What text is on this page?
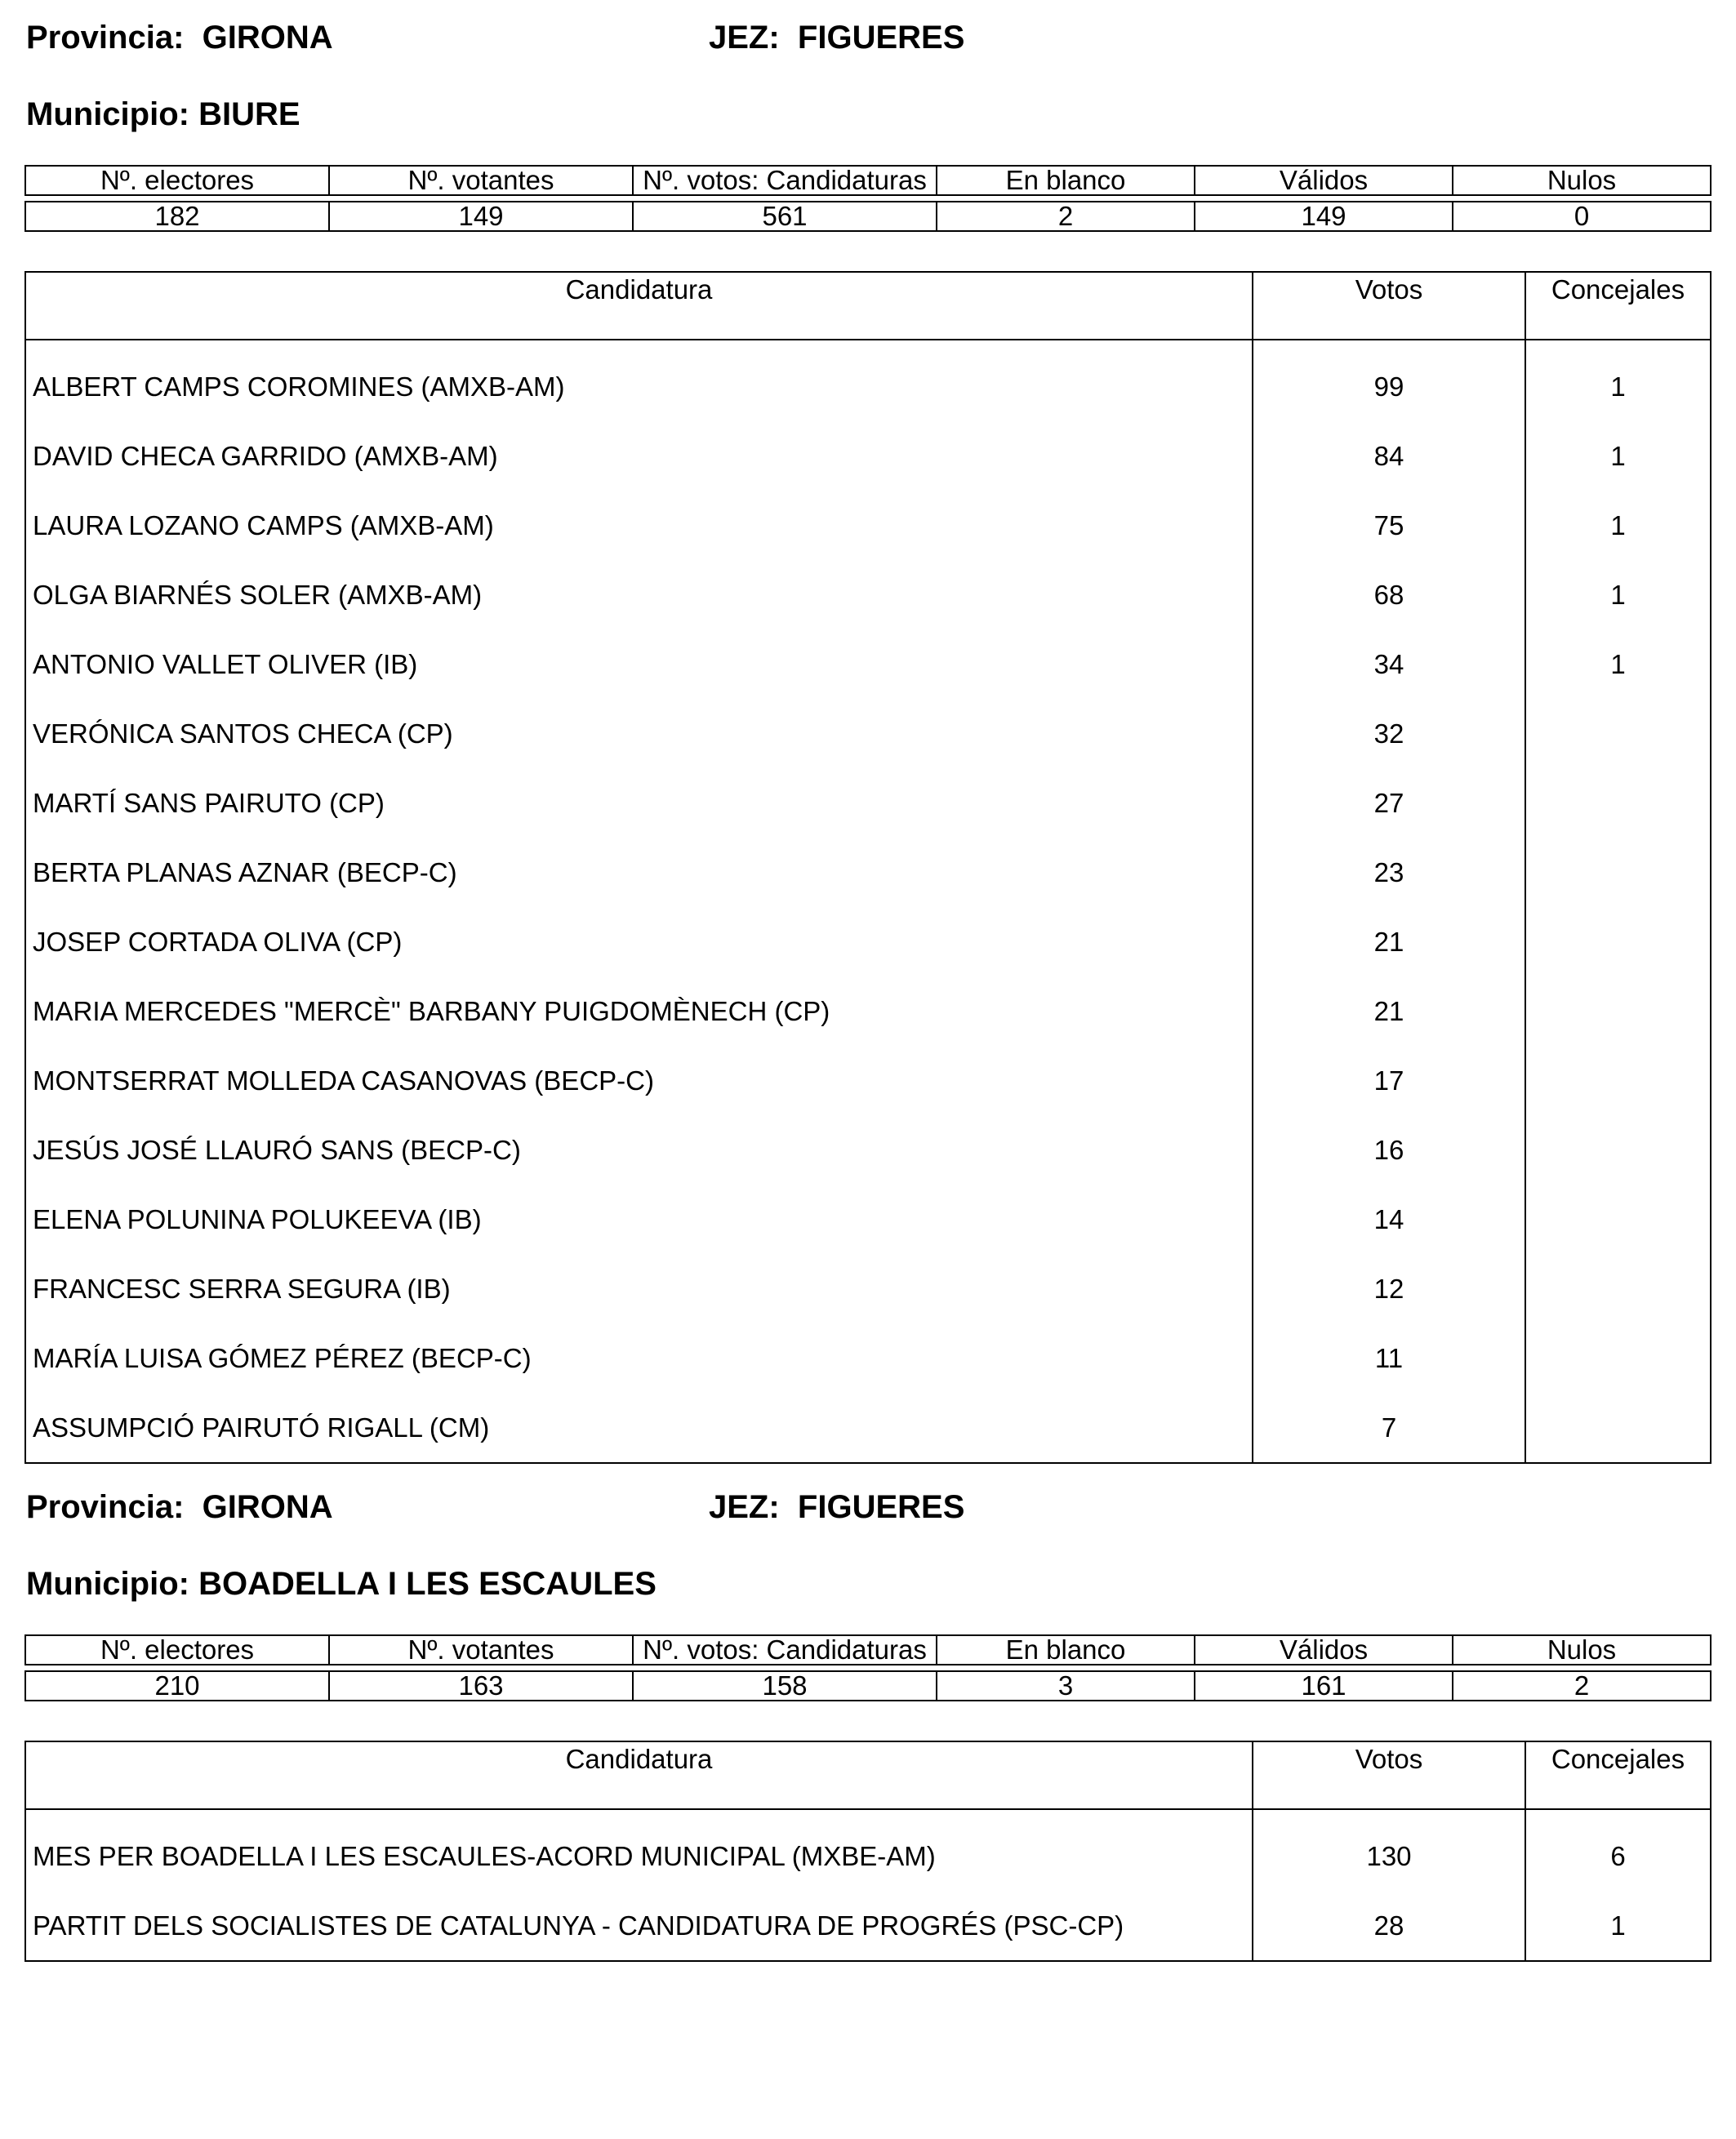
Provincia: GIRONA	JEZ: FIGUERES
Municipio: BIURE
Nº. electores	Nº. votantes	Nº. votos: Candidaturas	En blanco	Válidos	Nulos

182	149	561	2	149	0
Candidatura	Votos	Concejales

ALBERT CAMPS COROMINES (AMXB-AM)	99	1
DAVID CHECA GARRIDO (AMXB-AM)	84	1
LAURA LOZANO CAMPS (AMXB-AM)	75	1
OLGA BIARNÉS SOLER (AMXB-AM)	68	1
ANTONIO VALLET OLIVER (IB)	34	1
VERÓNICA SANTOS CHECA (CP)	32	
MARTÍ SANS PAIRUTO (CP)	27	
BERTA PLANAS AZNAR (BECP-C)	23	
JOSEP CORTADA OLIVA (CP)	21	
MARIA MERCEDES "MERCÈ" BARBANY PUIGDOMÈNECH (CP)	21	
MONTSERRAT MOLLEDA CASANOVAS (BECP-C)	17	
JESÚS JOSÉ LLAURÓ SANS (BECP-C)	16	
ELENA POLUNINA POLUKEEVA (IB)	14	
FRANCESC SERRA SEGURA (IB)	12	
MARÍA LUISA GÓMEZ PÉREZ (BECP-C)	11	
ASSUMPCIÓ PAIRUTÓ RIGALL (CM)	7	
Provincia: GIRONA	JEZ: FIGUERES
Municipio: BOADELLA I LES ESCAULES
Nº. electores	Nº. votantes	Nº. votos: Candidaturas	En blanco	Válidos	Nulos

210	163	158	3	161	2
Candidatura	Votos	Concejales

MES PER BOADELLA I LES ESCAULES-ACORD MUNICIPAL (MXBE-AM)	130	6
PARTIT DELS SOCIALISTES DE CATALUNYA - CANDIDATURA DE PROGRÉS (PSC-CP)	28	1
